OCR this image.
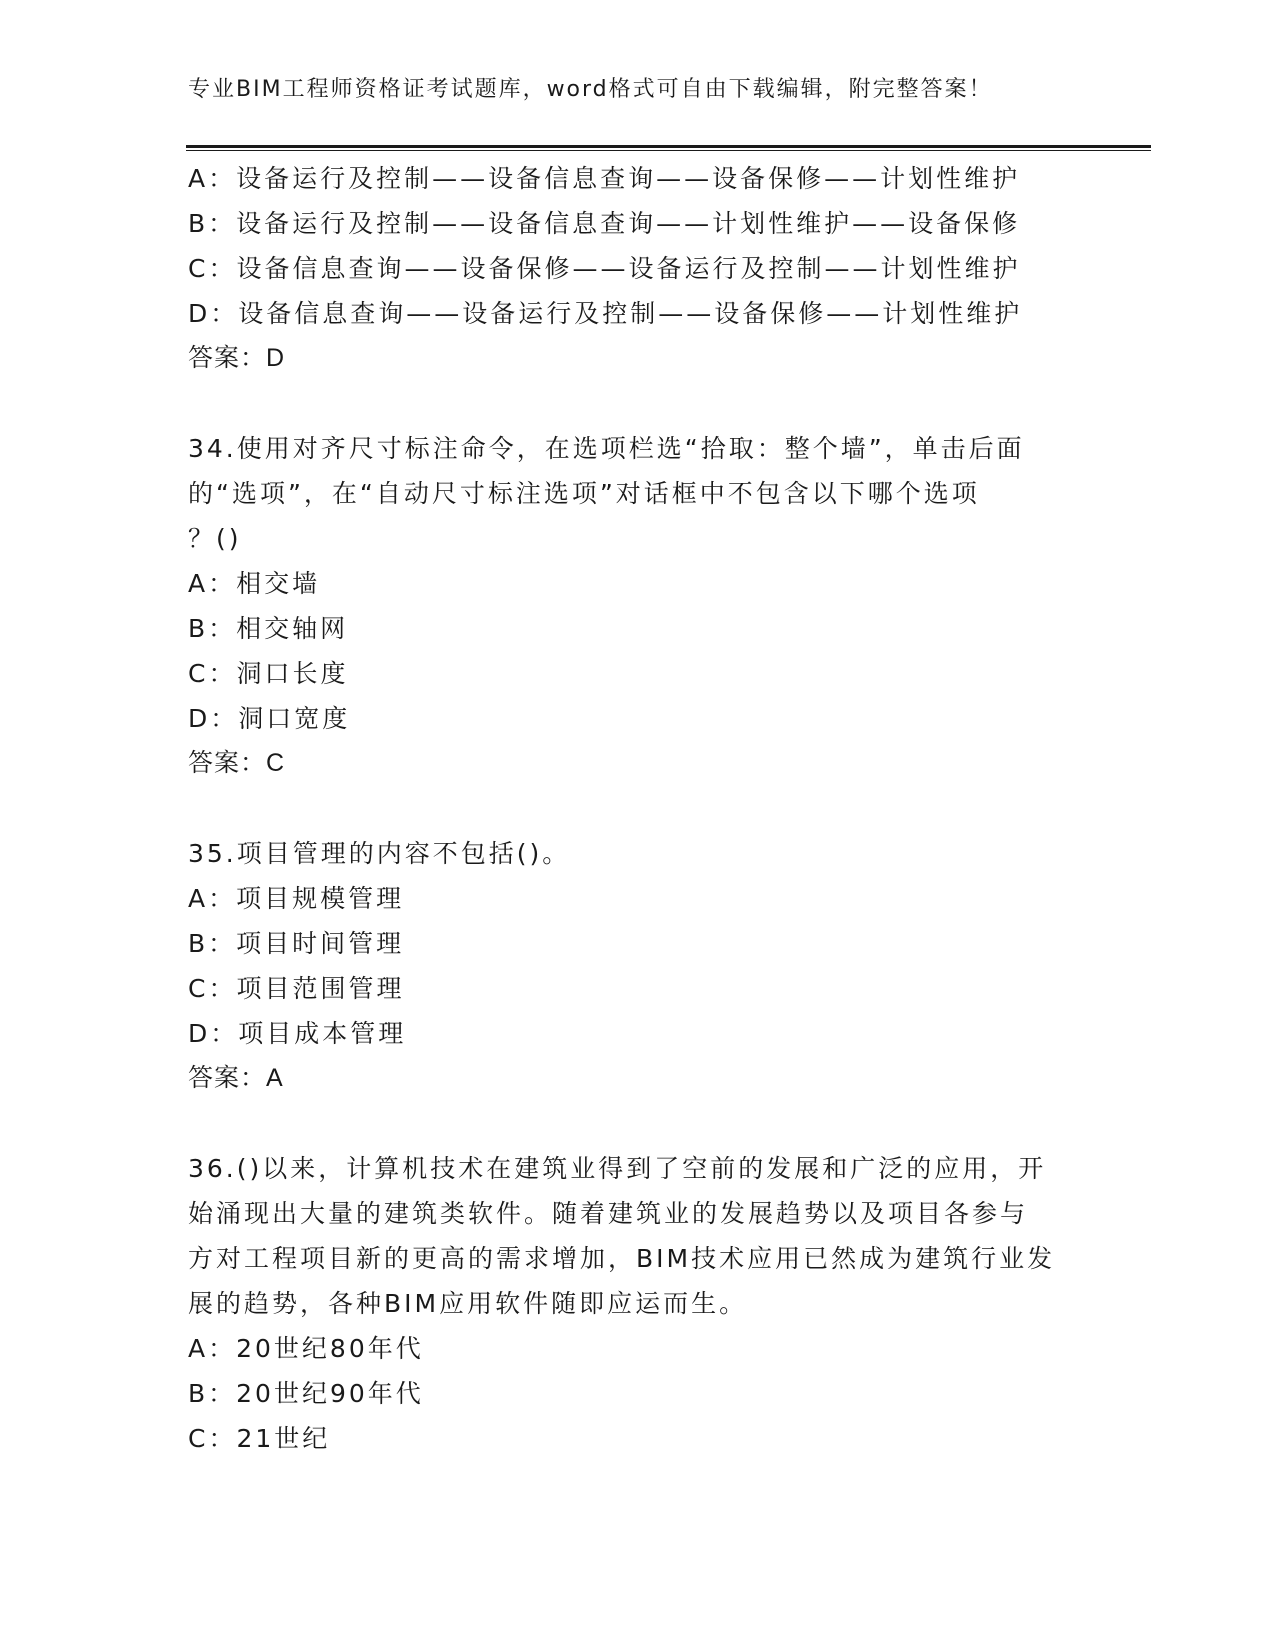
专业BIM工程师资格证考试题库，word格式可自由下载编辑，附完整答案！
A：设备运行及控制——设备信息查询——设备保修——计划性维护
B：设备运行及控制——设备信息查询——计划性维护——设备保修
C：设备信息查询——设备保修——设备运行及控制——计划性维护
D：设备信息查询——设备运行及控制——设备保修——计划性维护
答案：D
34.使用对齐尺寸标注命令，在选项栏选“拾取：整个墙”，单击后面
的“选项”，在“自动尺寸标注选项”对话框中不包含以下哪个选项
？()
A：相交墙
B：相交轴网
C：洞口长度
D：洞口宽度
答案：C
35.项目管理的内容不包括()。
A：项目规模管理
B：项目时间管理
C：项目范围管理
D：项目成本管理
答案：A
36.()以来，计算机技术在建筑业得到了空前的发展和广泛的应用，开
始涌现出大量的建筑类软件。随着建筑业的发展趋势以及项目各参与
方对工程项目新的更高的需求增加，BIM技术应用已然成为建筑行业发
展的趋势，各种BIM应用软件随即应运而生。
A：20世纪80年代
B：20世纪90年代
C：21世纪
